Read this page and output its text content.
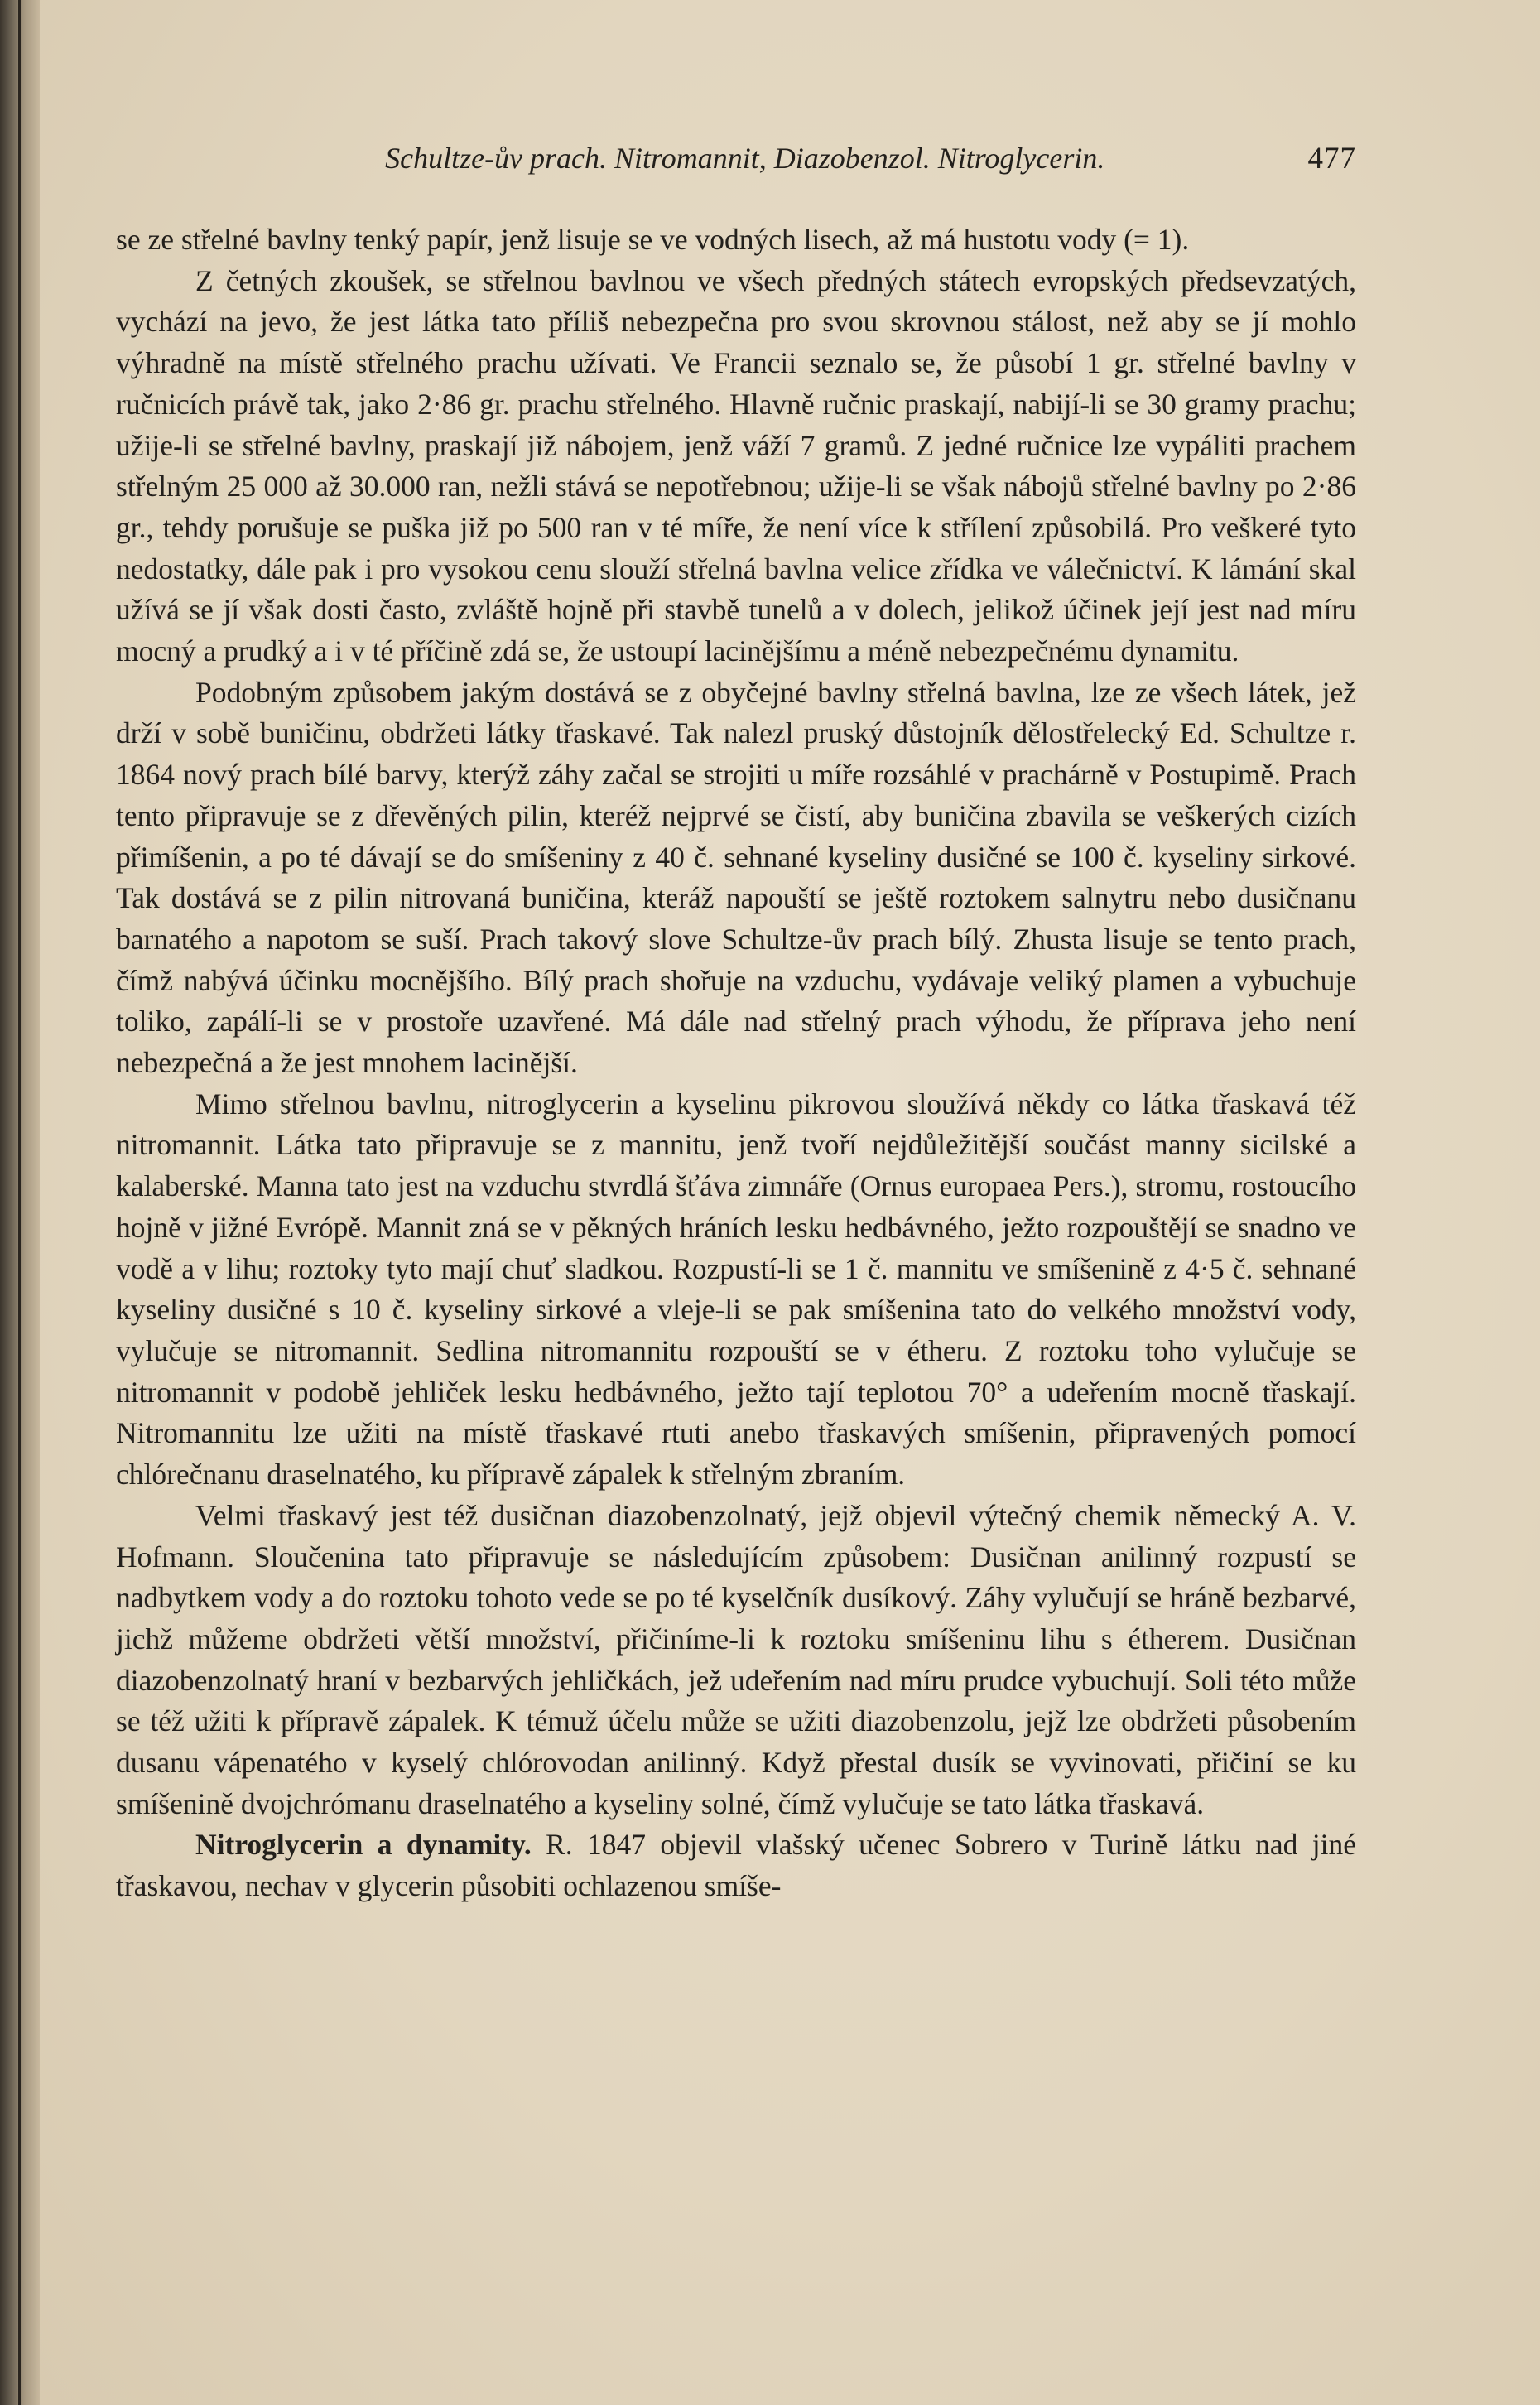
Schultze-ův prach. Nitromannit, Diazobenzol. Nitroglycerin.	477

se ze střelné bavlny tenký papír, jenž lisuje se ve vodných lisech, až má hustotu vody (= 1).

Z četných zkoušek, se střelnou bavlnou ve všech předných státech evropských předsevzatých, vychází na jevo, že jest látka tato příliš nebezpečna pro svou skrovnou stálost, než aby se jí mohlo výhradně na místě střelného prachu užívati. Ve Francii seznalo se, že působí 1 gr. střelné bavlny v ručnicích právě tak, jako 2·86 gr. prachu střelného. Hlavně ručnic praskají, nabijí-li se 30 gramy prachu; užije-li se střelné bavlny, praskají již nábojem, jenž váží 7 gramů. Z jedné ručnice lze vypáliti prachem střelným 25 000 až 30.000 ran, nežli stává se nepotřebnou; užije-li se však nábojů střelné bavlny po 2·86 gr., tehdy porušuje se puška již po 500 ran v té míře, že není více k střílení způsobilá. Pro veškeré tyto nedostatky, dále pak i pro vysokou cenu slouží střelná bavlna velice zřídka ve válečnictví. K lámání skal užívá se jí však dosti často, zvláště hojně při stavbě tunelů a v dolech, jelikož účinek její jest nad míru mocný a prudký a i v té příčině zdá se, že ustoupí lacinějšímu a méně nebezpečnému dynamitu.

Podobným způsobem jakým dostává se z obyčejné bavlny střelná bavlna, lze ze všech látek, jež drží v sobě buničinu, obdržeti látky třaskavé. Tak nalezl pruský důstojník dělostřelecký Ed. Schultze r. 1864 nový prach bílé barvy, kterýž záhy začal se strojiti u míře rozsáhlé v prachárně v Postupimě. Prach tento připravuje se z dřevěných pilin, kteréž nejprvé se čistí, aby buničina zbavila se veškerých cizích přimíšenin, a po té dávají se do smíšeniny z 40 č. sehnané kyseliny dusičné se 100 č. kyseliny sirkové. Tak dostává se z pilin nitrovaná buničina, kteráž napouští se ještě roztokem salnytru nebo dusičnanu barnatého a napotom se suší. Prach takový slove Schultze-ův prach bílý. Zhusta lisuje se tento prach, čímž nabývá účinku mocnějšího. Bílý prach shořuje na vzduchu, vydávaje veliký plamen a vybuchuje toliko, zapálí-li se v prostoře uzavřené. Má dále nad střelný prach výhodu, že příprava jeho není nebezpečná a že jest mnohem lacinější.

Mimo střelnou bavlnu, nitroglycerin a kyselinu pikrovou sloužívá někdy co látka třaskavá též nitromannit. Látka tato připravuje se z mannitu, jenž tvoří nejdůležitější součást manny sicilské a kalaberské. Manna tato jest na vzduchu stvrdlá šťáva zimnáře (Ornus europaea Pers.), stromu, rostoucího hojně v jižné Evrópě. Mannit zná se v pěkných hráních lesku hedbávného, ježto rozpouštějí se snadno ve vodě a v lihu; roztoky tyto mají chuť sladkou. Rozpustí-li se 1 č. mannitu ve smíšenině z 4·5 č. sehnané kyseliny dusičné s 10 č. kyseliny sirkové a vleje-li se pak smíšenina tato do velkého množství vody, vylučuje se nitromannit. Sedlina nitromannitu rozpouští se v étheru. Z roztoku toho vylučuje se nitromannit v podobě jehliček lesku hedbávného, ježto tají teplotou 70° a udeřením mocně třaskají. Nitromannitu lze užiti na místě třaskavé rtuti anebo třaskavých smíšenin, připravených pomocí chlórečnanu draselnatého, ku přípravě zápalek k střelným zbraním.

Velmi třaskavý jest též dusičnan diazobenzolnatý, jejž objevil výtečný chemik německý A. V. Hofmann. Sloučenina tato připravuje se následujícím způsobem: Dusičnan anilinný rozpustí se nadbytkem vody a do roztoku tohoto vede se po té kyselčník dusíkový. Záhy vylučují se hráně bezbarvé, jichž můžeme obdržeti větší množství, přičiníme-li k roztoku smíšeninu lihu s étherem. Dusičnan diazobenzolnatý hraní v bezbarvých jehličkách, jež udeřením nad míru prudce vybuchují. Soli této může se též užiti k přípravě zápalek. K témuž účelu může se užiti diazobenzolu, jejž lze obdržeti působením dusanu vápenatého v kyselý chlórovodan anilinný. Když přestal dusík se vyvinovati, přičiní se ku smíšenině dvojchrómanu draselnatého a kyseliny solné, čímž vylučuje se tato látka třaskavá.

Nitroglycerin a dynamity. R. 1847 objevil vlašský učenec Sobrero v Turině látku nad jiné třaskavou, nechav v glycerin působiti ochlazenou smíše-
